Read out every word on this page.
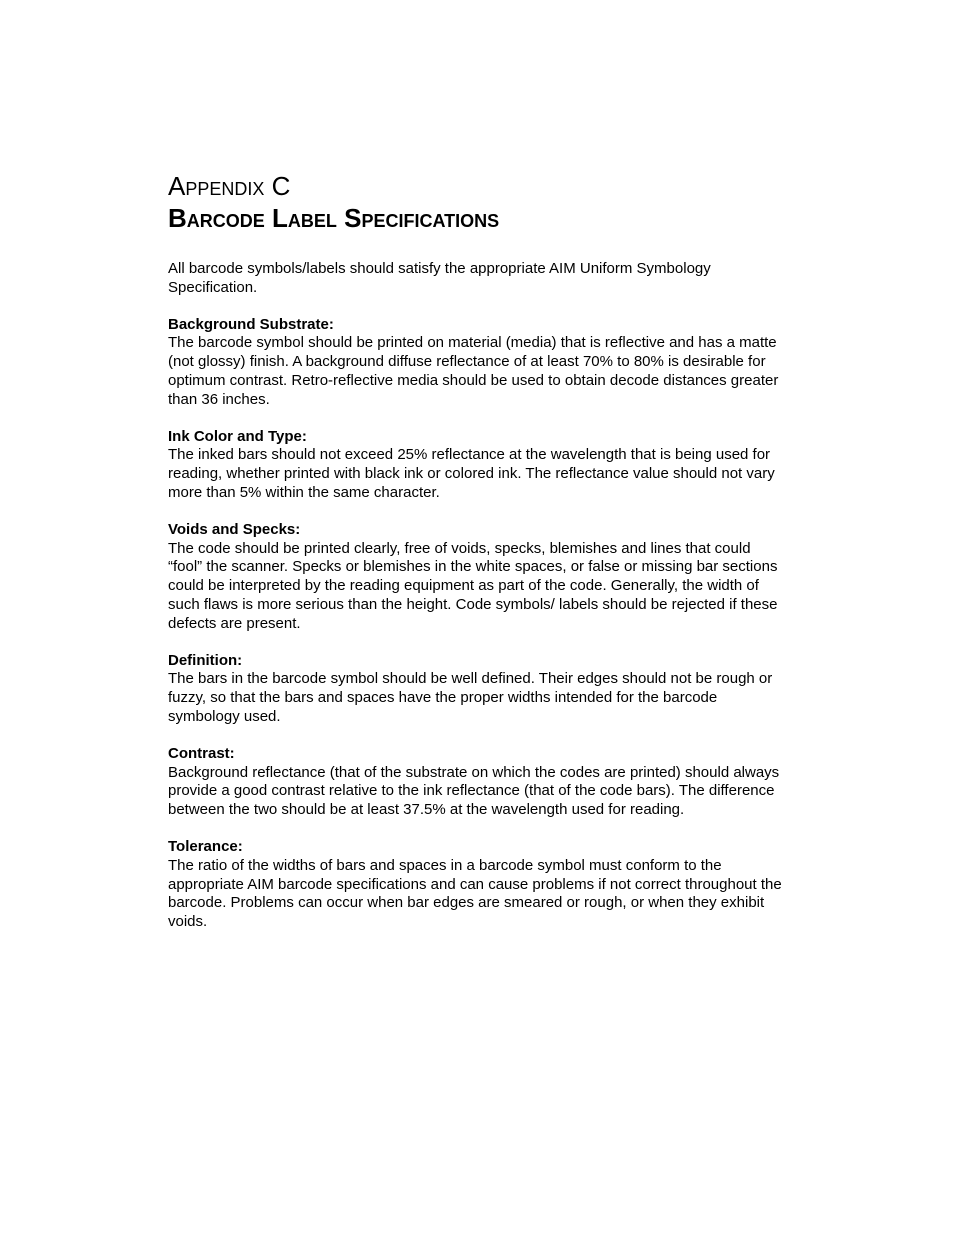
Appendix C
Barcode Label Specifications

All barcode symbols/labels should satisfy the appropriate AIM Uniform Symbology Specification.

Background Substrate:

The barcode symbol should be printed on material (media) that is reflective and has a matte (not glossy) finish. A background diffuse reflectance of at least 70% to 80% is desirable for optimum contrast. Retro-reflective media should be used to obtain decode distances greater than 36 inches.

Ink Color and Type:

The inked bars should not exceed 25% reflectance at the wavelength that is being used for reading, whether printed with black ink or colored ink. The reflectance value should not vary more than 5% within the same character.

Voids and Specks:

The code should be printed clearly, free of voids, specks, blemishes and lines that could “fool” the scanner. Specks or blemishes in the white spaces, or false or missing bar sections could be interpreted by the reading equipment as part of the code. Generally, the width of such flaws is more serious than the height. Code symbols/ labels should be rejected if these defects are present.

Definition:

The bars in the barcode symbol should be well defined. Their edges should not be rough or fuzzy, so that the bars and spaces have the proper widths intended for the barcode symbology used.

Contrast:

Background reflectance (that of the substrate on which the codes are printed) should always provide a good contrast relative to the ink reflectance (that of the code bars). The difference between the two should be at least 37.5% at the wavelength used for reading.

Tolerance:

The ratio of the widths of bars and spaces in a barcode symbol must conform to the appropriate AIM barcode specifications and can cause problems if not correct throughout the barcode. Problems can occur when bar edges are smeared or rough, or when they exhibit voids.
